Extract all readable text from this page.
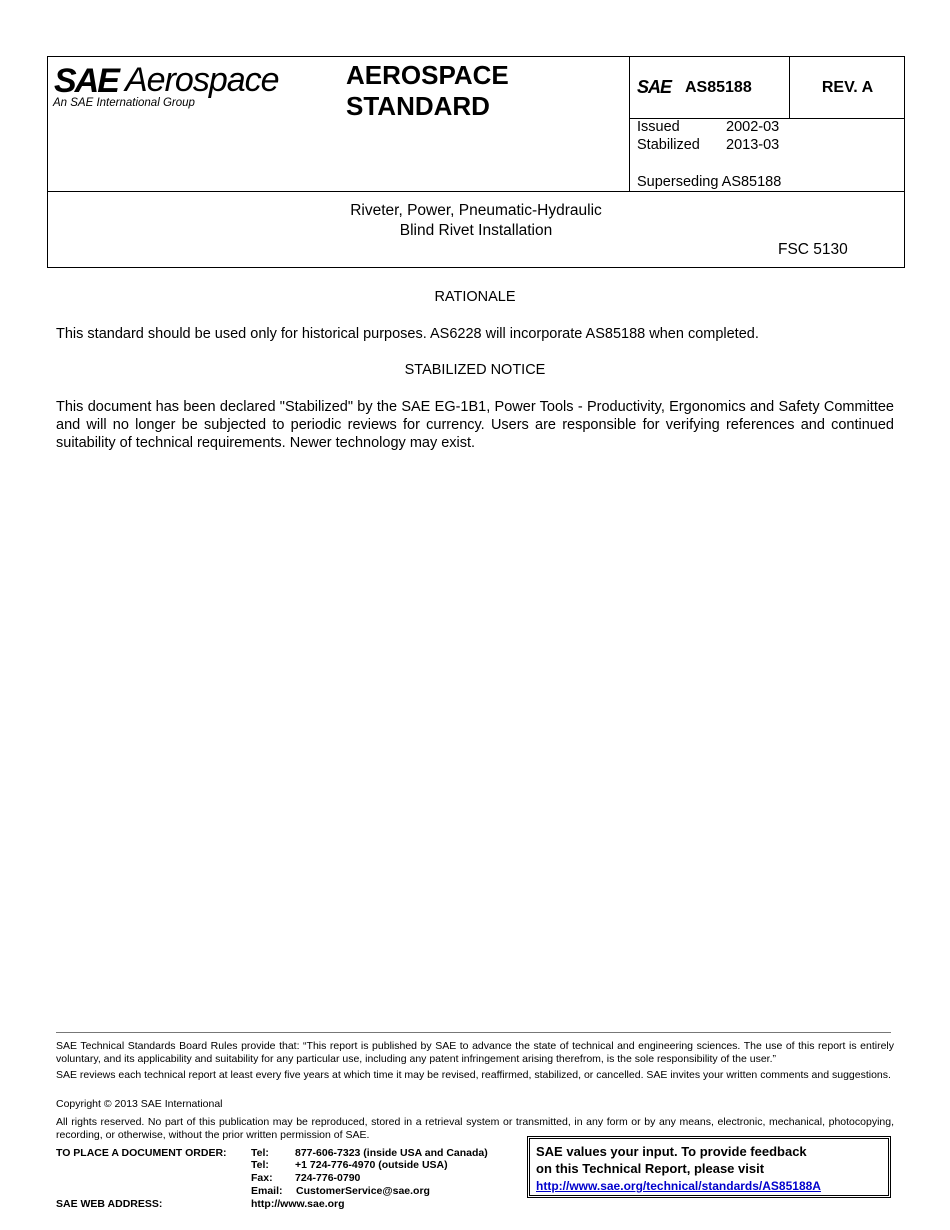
SAE Aerospace
An SAE International Group
AEROSPACE
STANDARD
SAE AS85188	REV. A
Issued	2002-03
Stabilized 2013-03
Superseding AS85188
Riveter, Power, Pneumatic-Hydraulic
Blind Rivet Installation
FSC 5130
RATIONALE
This standard should be used only for historical purposes. AS6228 will incorporate AS85188 when completed.
STABILIZED NOTICE
This document has been declared "Stabilized" by the SAE EG-1B1, Power Tools - Productivity, Ergonomics and Safety Committee and will no longer be subjected to periodic reviews for currency. Users are responsible for verifying references and continued suitability of technical requirements. Newer technology may exist.
SAE Technical Standards Board Rules provide that: “This report is published by SAE to advance the state of technical and engineering sciences. The use of this report is entirely voluntary, and its applicability and suitability for any particular use, including any patent infringement arising therefrom, is the sole responsibility of the user.”
SAE reviews each technical report at least every five years at which time it may be revised, reaffirmed, stabilized, or cancelled. SAE invites your written comments and suggestions.
Copyright © 2013 SAE International
All rights reserved. No part of this publication may be reproduced, stored in a retrieval system or transmitted, in any form or by any means, electronic, mechanical, photocopying, recording, or otherwise, without the prior written permission of SAE.
TO PLACE A DOCUMENT ORDER: Tel: 877-606-7323 (inside USA and Canada)
Tel: +1 724-776-4970 (outside USA)
Fax: 724-776-0790
Email: CustomerService@sae.org
SAE WEB ADDRESS:	http://www.sae.org
SAE values your input. To provide feedback
on this Technical Report, please visit
http://www.sae.org/technical/standards/AS85188A
